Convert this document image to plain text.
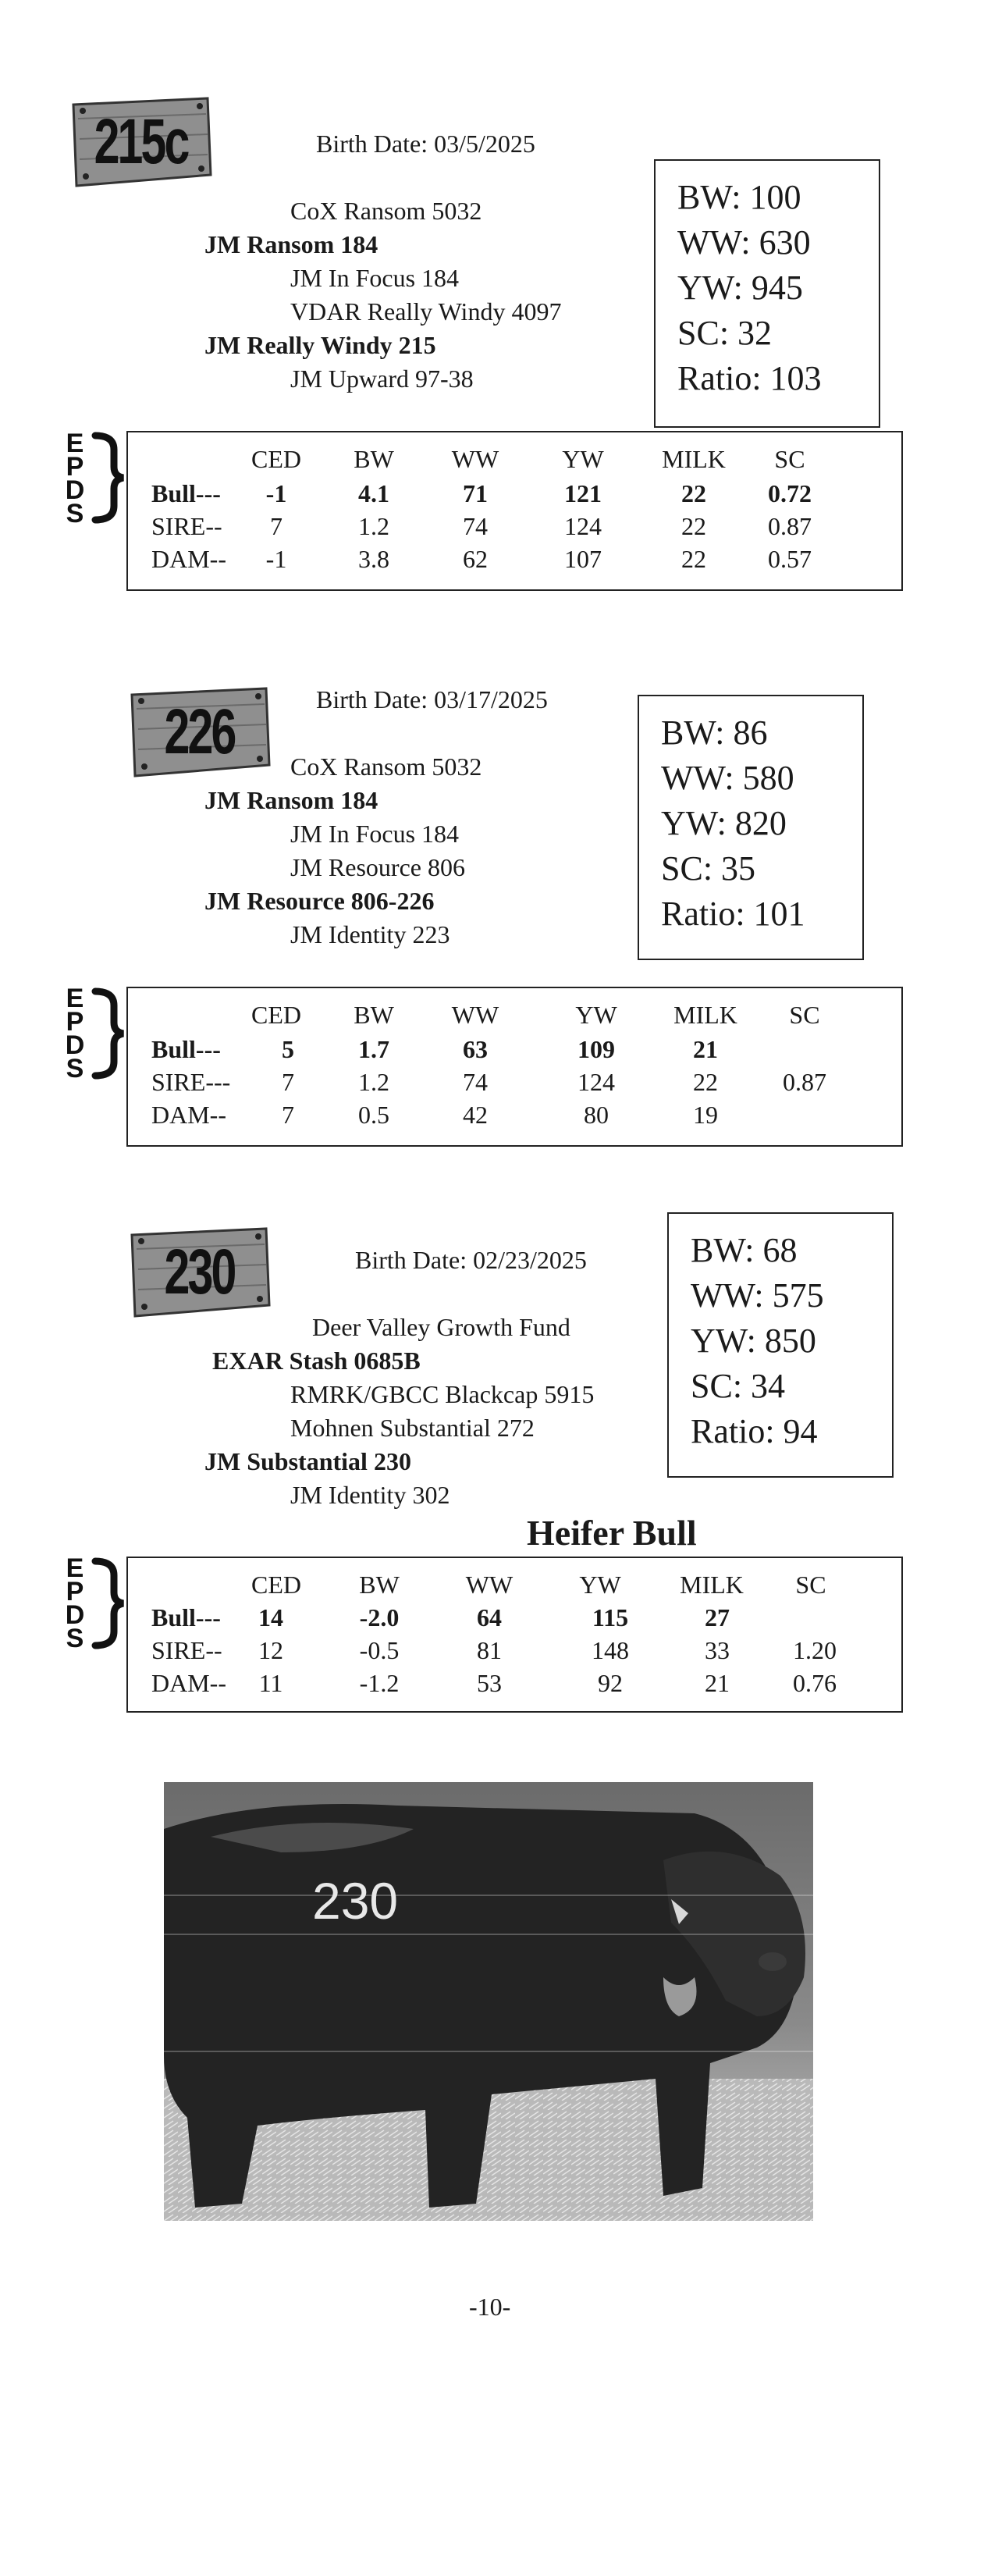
215c	Birth Date: 03/5/2025
CoX Ransom 5032
JM Ransom 184
JM In Focus 184
VDAR Really Windy 4097
JM Really Windy 215
JM Upward 97-38
BW: 100
WW: 630
YW: 945
SC: 32
Ratio: 103
E
P
D
S
CED BW WW	YW MILK SC
Bull--- -1	4.1	71	121	22 0.72
SIRE-- 7	1.2	74	124	22 0.87
DAM-- -1	3.8	62	107	22 0.57
226	Birth Date: 03/17/2025
CoX Ransom 5032
JM Ransom 184
JM In Focus 184
JM Resource 806
JM Resource 806-226
JM Identity 223
BW: 86
WW: 580
YW: 820
SC: 35
Ratio: 101
E
P
D
S
CED BW WW	YW MILK SC
Bull--- 5	1.7	63	109	21
SIRE--- 7	1.2	74	124	22	0.87
DAM-- 7	0.5	42	80	19
230	Birth Date: 02/23/2025
Deer Valley Growth Fund
EXAR Stash 0685B
RMRK/GBCC Blackcap 5915
Mohnen Substantial 272
JM Substantial 230
JM Identity 302
BW: 68
WW: 575
YW: 850
SC: 34
Ratio: 94
Heifer Bull
E
P
D
S
CED BW	WW	YW MILK SC
Bull--- 14	-2.0	64	115	27
SIRE-- 12	-0.5	81	148	33	1.20
DAM-- 11	-1.2	53	92	21	0.76
230
-10-
